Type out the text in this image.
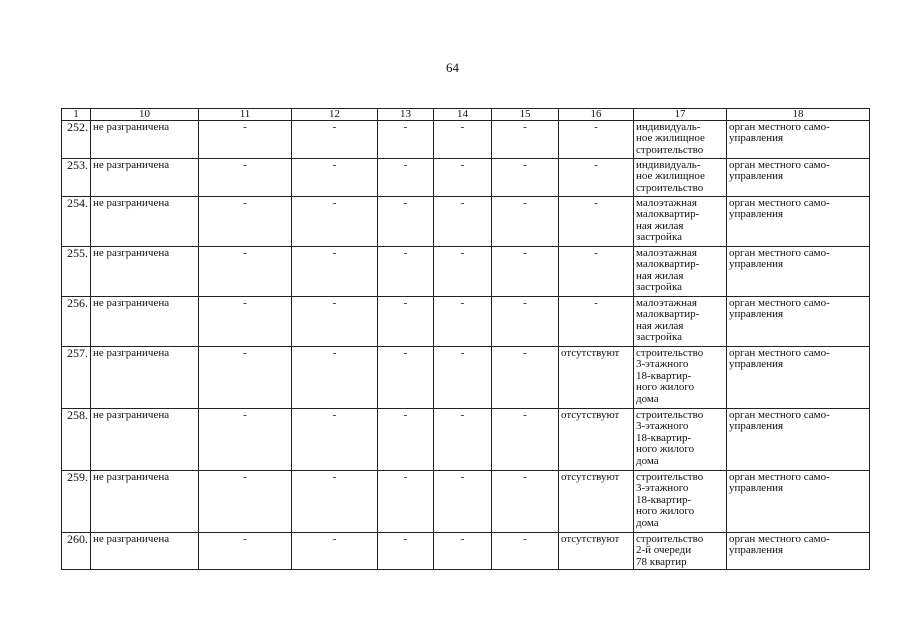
64
1	10	11	12	13	14	15	16	17	18
252.	не разграничена	-	-	-	-	-	-	индивидуаль-
ное жилищное
строительство	орган местного само-
управления

253.	не разграничена	-	-	-	-	-	-	индивидуаль-
ное жилищное
строительство	орган местного само-
управления

254.	не разграничена	-	-	-	-	-	-	малоэтажная
малоквартир-
ная жилая
застройка	орган местного само-
управления

255.	не разграничена	-	-	-	-	-	-	малоэтажная
малоквартир-
ная жилая
застройка	орган местного само-
управления

256.	не разграничена	-	-	-	-	-	-	малоэтажная
малоквартир-
ная жилая
застройка	орган местного само-
управления

257.	не разграничена	-	-	-	-	-	отсутствуют	строительство
3-этажного
18-квартир-
ного жилого
дома	орган местного само-
управления

258.	не разграничена	-	-	-	-	-	отсутствуют	строительство
3-этажного
18-квартир-
ного жилого
дома	орган местного само-
управления

259.	не разграничена	-	-	-	-	-	отсутствуют	строительство
3-этажного
18-квартир-
ного жилого
дома	орган местного само-
управления

260.	не разграничена	-	-	-	-	-	отсутствуют	строительство
2-й очереди
78 квартир	орган местного само-
управления
